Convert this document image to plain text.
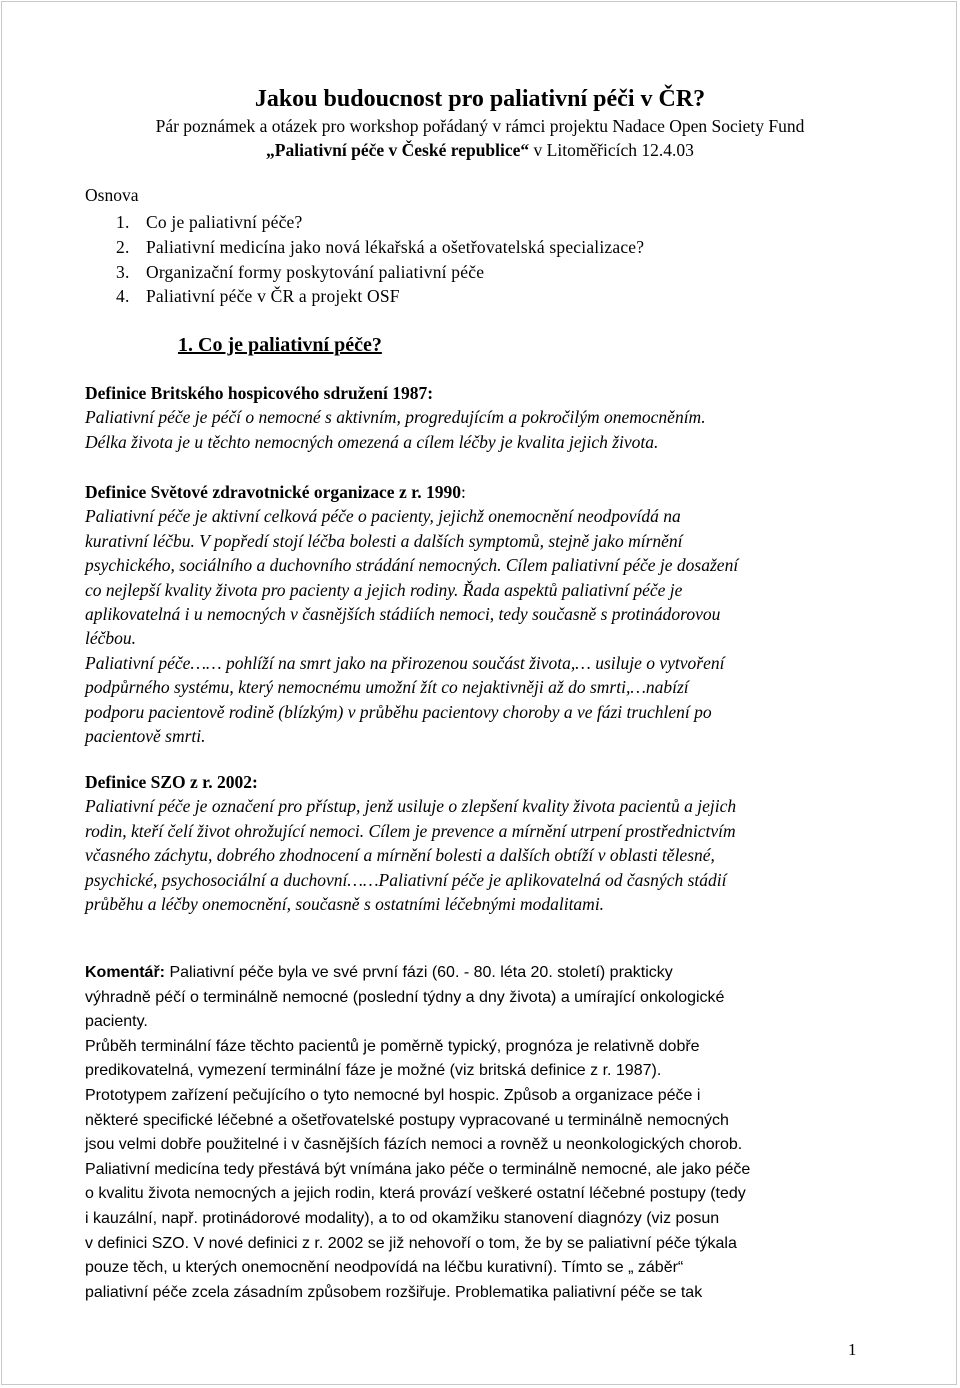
Jakou budoucnost pro paliativní péči v ČR?
Pár poznámek a otázek pro workshop pořádaný v rámci projektu Nadace Open Society Fund
„Paliativní péče v České republice“ v Litoměřicích 12.4.03
Osnova
1. Co je paliativní péče?
2. Paliativní medicína jako nová lékařská a ošetřovatelská specializace?
3. Organizační formy poskytování paliativní péče
4. Paliativní péče v ČR a projekt OSF
1. Co je paliativní péče?
Definice Britského hospicového sdružení 1987:
Paliativní péče je péčí o nemocné s aktivním, progredujícím a pokročilým onemocněním.
Délka života je u těchto nemocných omezená a cílem léčby je kvalita jejich života.
Definice Světové zdravotnické organizace z r. 1990:
Paliativní péče je aktivní celková péče o pacienty, jejichž onemocnění neodpovídá na
kurativní léčbu. V popředí stojí léčba bolesti a dalších symptomů, stejně jako mírnění
psychického, sociálního a duchovního strádání nemocných. Cílem paliativní péče je dosažení
co nejlepší kvality života pro pacienty a jejich rodiny. Řada aspektů paliativní péče je
aplikovatelná i u nemocných v časnějších stádiích nemoci, tedy současně s protinádorovou
léčbou.
Paliativní péče…… pohlíží na smrt jako na přirozenou součást života,… usiluje o vytvoření
podpůrného systému, který nemocnému umožní žít co nejaktivněji až do smrti,…nabízí
podporu pacientově rodině (blízkým) v průběhu pacientovy choroby a ve fázi truchlení po
pacientově smrti.
Definice SZO z r. 2002:
Paliativní péče je označení pro přístup, jenž usiluje o zlepšení kvality života pacientů a jejich
rodin, kteří čelí život ohrožující nemoci. Cílem je prevence a mírnění utrpení prostřednictvím
včasného záchytu, dobrého zhodnocení a mírnění bolesti a dalších obtíží v oblasti tělesné,
psychické, psychosociální a duchovní……Paliativní péče je aplikovatelná od časných stádií
průběhu a léčby onemocnění, současně s ostatními léčebnými modalitami.
Komentář: Paliativní péče byla ve své první fázi (60. - 80. léta 20. století) prakticky
výhradně péčí o terminálně nemocné (poslední týdny a dny života) a umírající onkologické
pacienty.
Průběh terminální fáze těchto pacientů je poměrně typický, prognóza je relativně dobře
predikovatelná, vymezení terminální fáze je možné (viz britská definice z r. 1987).
Prototypem zařízení pečujícího o tyto nemocné byl hospic. Způsob a organizace péče i
některé specifické léčebné a ošetřovatelské postupy vypracované u terminálně nemocných
jsou velmi dobře použitelné i v časnějších fázích nemoci a rovněž u neonkologických chorob.
Paliativní medicína tedy přestává být vnímána jako péče o terminálně nemocné, ale jako péče
o kvalitu života nemocných a jejich rodin, která provází veškeré ostatní léčebné postupy (tedy
i kauzální, např. protinádorové modality), a to od okamžiku stanovení diagnózy (viz posun
v definici SZO. V nové definici z r. 2002 se již nehovoří o tom, že by se paliativní péče týkala
pouze těch, u kterých onemocnění neodpovídá na léčbu kurativní). Tímto se „ záběr“
paliativní péče zcela zásadním způsobem rozšiřuje. Problematika paliativní péče se tak
1
